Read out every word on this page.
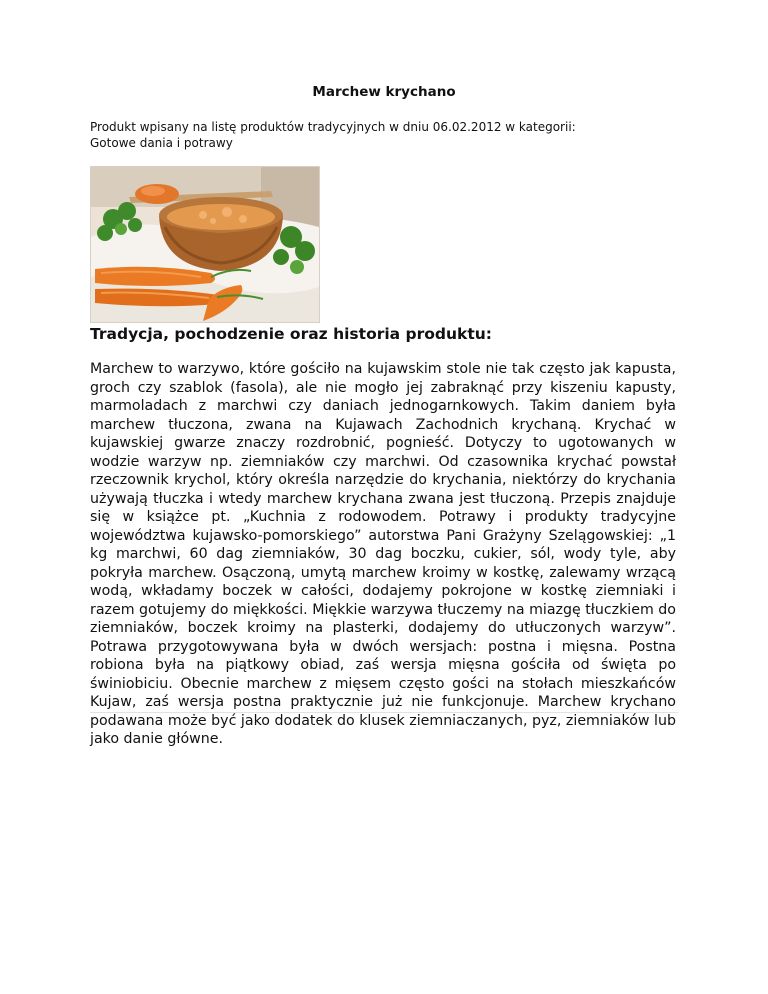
Marchew krychano
Produkt wpisany na listę produktów tradycyjnych w dniu 06.02.2012 w kategorii:
Gotowe dania i potrawy
Tradycja, pochodzenie oraz historia produktu:

Marchew to warzywo, które gościło na kujawskim stole nie tak często jak kapusta, groch czy szablok (fasola), ale nie mogło jej zabraknąć przy kiszeniu kapusty, marmoladach z marchwi czy daniach jednogarnkowych. Takim daniem była marchew tłuczona, zwana na Kujawach Zachodnich krychaną. Krychać w kujawskiej gwarze znaczy rozdrobnić, pognieść. Dotyczy to ugotowanych w wodzie warzyw np. ziemniaków czy marchwi. Od czasownika krychać powstał rzeczownik krychol, który określa narzędzie do krychania, niektórzy do krychania używają tłuczka i wtedy marchew krychana zwana jest tłuczoną. Przepis znajduje się w książce pt. „Kuchnia z rodowodem. Potrawy i produkty tradycyjne województwa kujawsko-pomorskiego” autorstwa Pani Grażyny Szelągowskiej: „1 kg marchwi, 60 dag ziemniaków, 30 dag boczku, cukier, sól, wody tyle, aby pokryła marchew. Osączoną, umytą marchew kroimy w kostkę, zalewamy wrzącą wodą, wkładamy boczek w całości, dodajemy pokrojone w kostkę ziemniaki i razem gotujemy do miękkości. Miękkie warzywa tłuczemy na miazgę tłuczkiem do ziemniaków, boczek kroimy na plasterki, dodajemy do utłuczonych warzyw”. Potrawa przygotowywana była w dwóch wersjach: postna i mięsna. Postna robiona była na piątkowy obiad, zaś wersja mięsna gościła od święta po świniobiciu. Obecnie marchew z mięsem często gości na stołach mieszkańców Kujaw, zaś wersja postna praktycznie już nie funkcjonuje. Marchew krychano podawana może być jako dodatek do klusek ziemniaczanych, pyz, ziemniaków lub jako danie główne.
